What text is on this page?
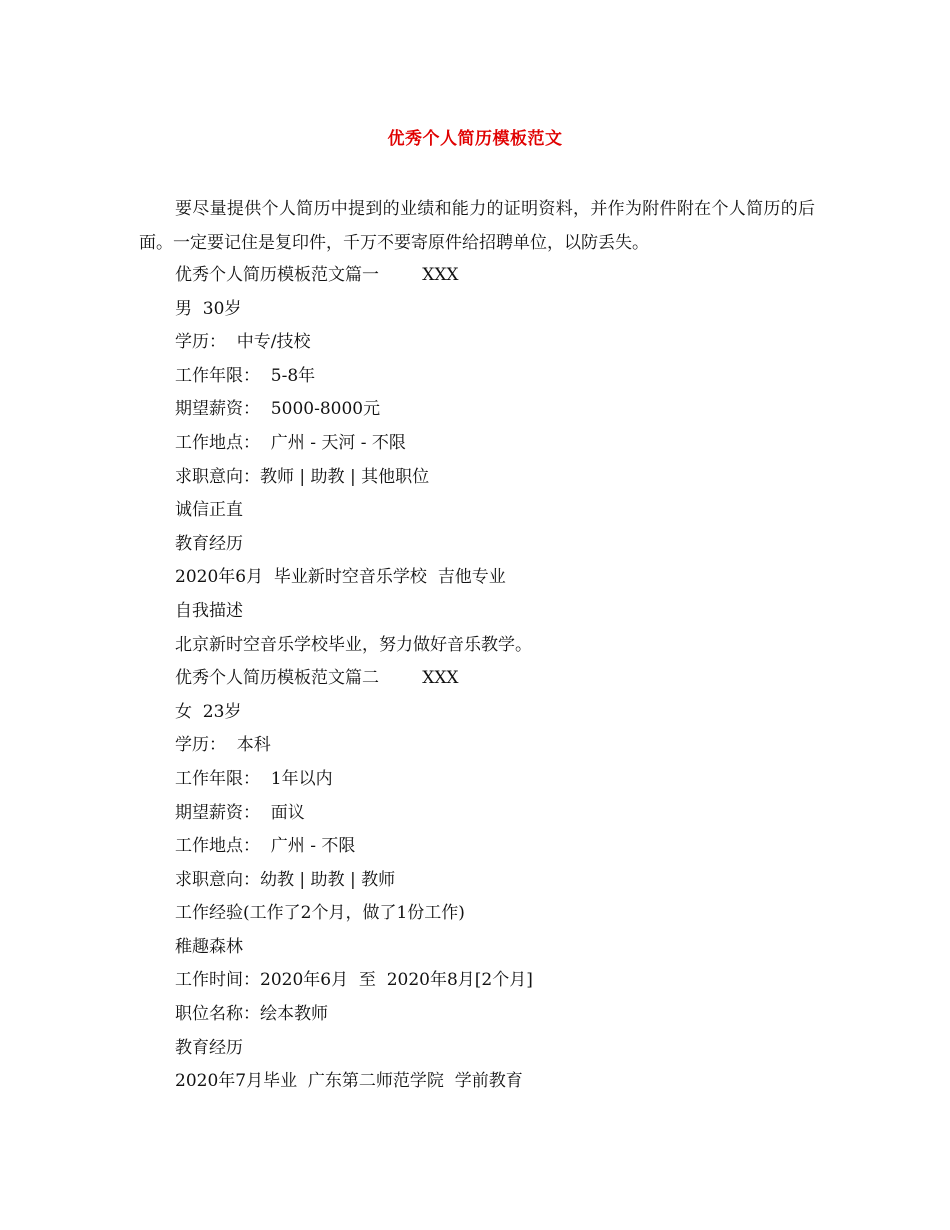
优秀个人简历模板范文
要尽量提供个人简历中提到的业绩和能力的证明资料，并作为附件附在个人简历的后面。一定要记住是复印件，千万不要寄原件给招聘单位，以防丢失。
优秀个人简历模板范文篇一        XXX
男  30岁
学历：  中专/技校
工作年限：  5-8年
期望薪资：  5000-8000元
工作地点：  广州 - 天河 - 不限
求职意向：教师 | 助教 | 其他职位
诚信正直
教育经历
2020年6月  毕业新时空音乐学校  吉他专业
自我描述
北京新时空音乐学校毕业，努力做好音乐教学。
优秀个人简历模板范文篇二        XXX
女  23岁
学历：  本科
工作年限：  1年以内
期望薪资：  面议
工作地点：  广州 - 不限
求职意向：幼教 | 助教 | 教师
工作经验(工作了2个月，做了1份工作)
稚趣森林
工作时间：2020年6月  至  2020年8月[2个月]
职位名称：绘本教师
教育经历
2020年7月毕业  广东第二师范学院  学前教育
